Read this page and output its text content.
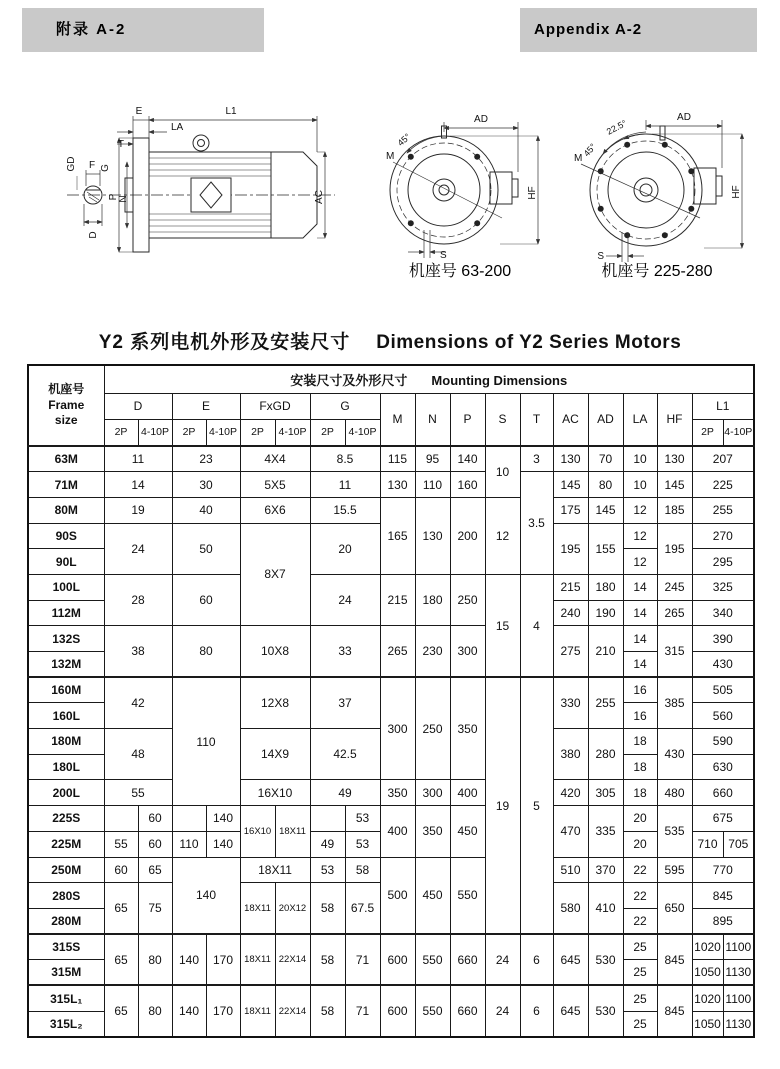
附录 A-2	Appendix A-2
E	L1
LA
T
GD F G
P N
D
AC
AD
45°
M
HF
S
AD
22.5°
45°
M
HF
S
机座号 63-200	机座号 225-280
Y2 系列电机外形及安装尺寸 Dimensions of Y2 Series Motors
机座号
Frame
size	安装尺寸及外形尺寸 Mounting Dimensions																		
	D		E		FxGD		G		M	N	P	S	T	AC	AD	LA	HF	L1	
	2P	4-10P	2P	4-10P	2P	4-10P	2P	4-10P										2P	4-10P
63M	11		23		4X4		8.5		115	95	140	10	3	130	70	10	130	207	
71M	14		30		5X5		11		130	110	160		3.5	145	80	10	145	225	
80M	19		40		6X6		15.5		165	130	200	12		175	145	12	185	255	
90S	24		50		8X7		20							195	155	12	195	270	
90L																12		295	
100L	28		60				24		215	180	250	15	4	215	180	14	245	325	
112M														240	190	14	265	340	
132S	38		80		10X8		33		265	230	300			275	210	14	315	390	
132M																14		430	
160M	42		110		12X8		37		300	250	350	19	5	330	255	16	385	505	
160L																16		560	
180M	48				14X9		42.5							380	280	18	430	590	
180L																18		630	
200L	55				16X10		49		350	300	400			420	305	18	480	660	
225S		60		140	16X10	18X11		53	400	350	450			470	335	20	535	675	
225M	55	60	110	140			49	53								20		710	705
250M	60	65	140		18X11		53	58	500	450	550			510	370	22	595	770	
280S	65	75			18X11	20X12	58	67.5						580	410	22	650	845	
280M																22		895	
315S	65	80	140	170	18X11	22X14	58	71	600	550	660	24	6	645	530	25	845	1020	1100
315M																25		1050	1130
315L₁	65	80	140	170	18X11	22X14	58	71	600	550	660	24	6	645	530	25	845	1020	1100
315L₂																25		1050	1130
